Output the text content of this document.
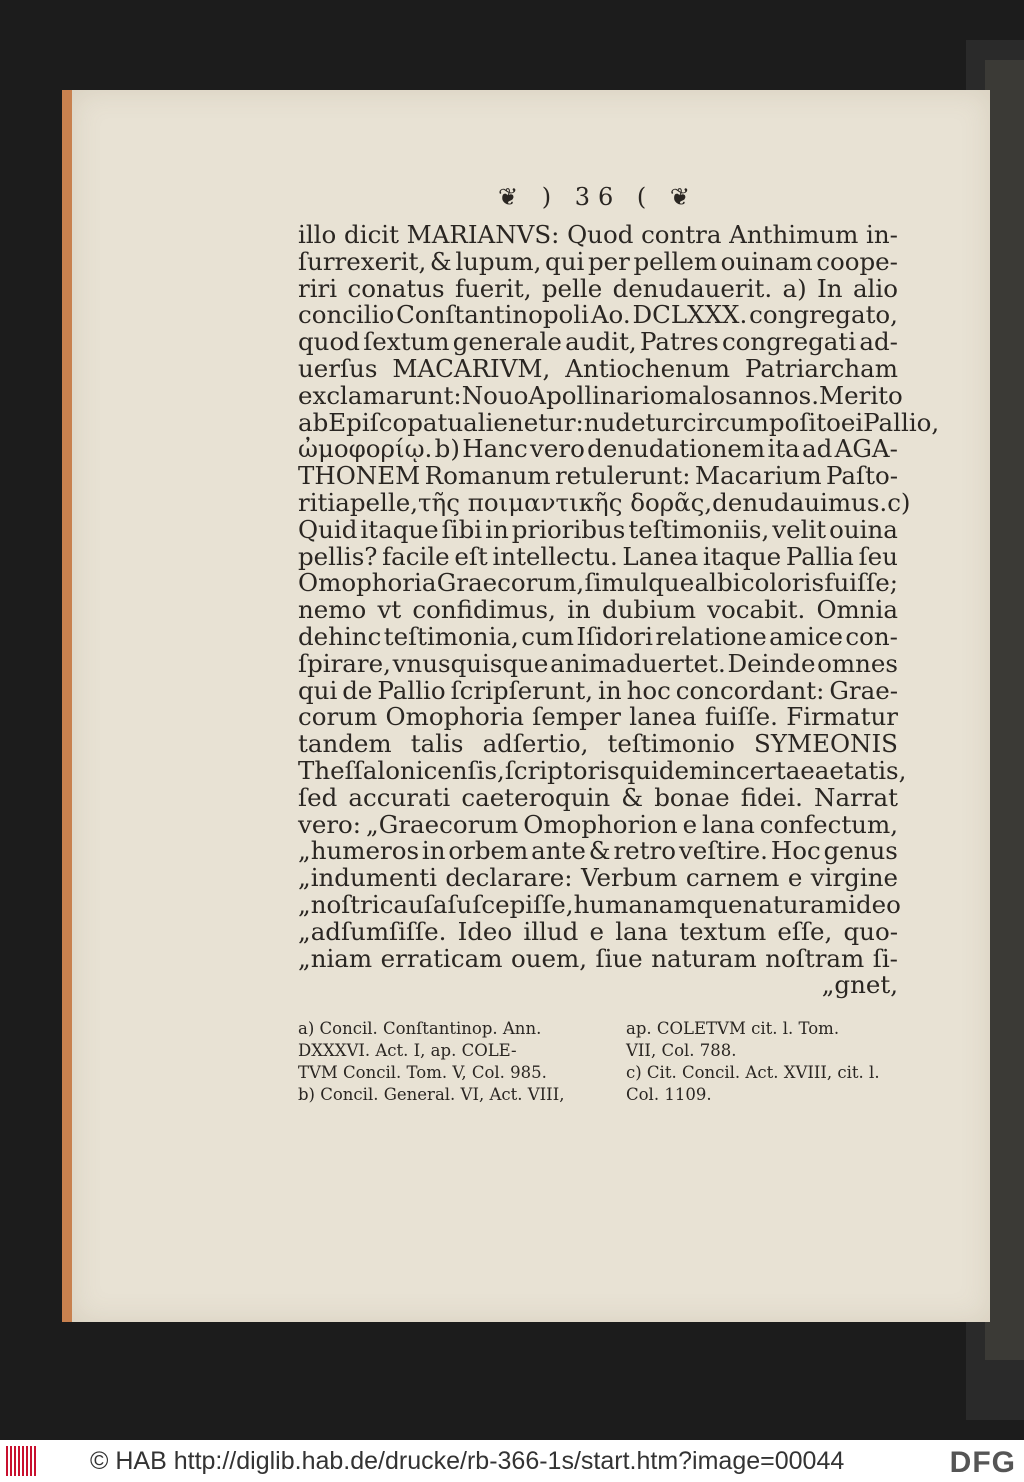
❦ ) 36 ( ❦
illo dicit MARIANVS: Quod contra Anthimum in-
ſurrexerit, & lupum, qui per pellem ouinam coope-
riri conatus fuerit, pelle denudauerit. a) In alio
concilio Conſtantinopoli Ao. DCLXXX. congregato,
quod ſextum generale audit, Patres congregati ad-
uerſus MACARIVM, Antiochenum Patriarcham
exclamarunt: Nouo Apollinario malos annos. Merito
ab Epiſcopatu alienetur: nudetur circumpoſito ei Pallio,
ὠμοφορίῳ. b) Hanc vero denudationem ita ad AGA-
THONEM Romanum retulerunt: Macarium Paſto-
ritia pelle, τῆς ποιμαντικῆς δορᾶς, denudauimus. c)
Quid itaque ſibi in prioribus teſtimoniis, velit ouina
pellis? facile eſt intellectu. Lanea itaque Pallia ſeu
Omophoria Graecorum, ſimulque albi coloris fuiſſe;
nemo vt confidimus, in dubium vocabit. Omnia
dehinc teſtimonia, cum Iſidori relatione amice con-
ſpirare, vnusquisque animaduertet. Deinde omnes
qui de Pallio ſcripſerunt, in hoc concordant: Grae-
corum Omophoria ſemper lanea fuiſſe. Firmatur
tandem talis adſertio, teſtimonio SYMEONIS
Theſſalonicenſis, ſcriptoris quidem incertae aetatis,
ſed accurati caeteroquin & bonae fidei. Narrat
vero: „Graecorum Omophorion e lana confectum,
„humeros in orbem ante & retro veſtire. Hoc genus
„indumenti declarare: Verbum carnem e virgine
„noſtri cauſa ſuſcepiſſe, humanamque naturam ideo
„adſumſiſſe. Ideo illud e lana textum eſſe, quo-
„niam erraticam ouem, ſiue naturam noſtram ſi-
„gnet,
a) Concil. Conſtantinop. Ann.
DXXXVI. Act. I, ap. COLE-
TVM Concil. Tom. V, Col. 985.
b) Concil. General. VI, Act. VIII,
ap. COLETVM cit. l. Tom.
VII, Col. 788.
c) Cit. Concil. Act. XVIII, cit. l.
Col. 1109.
© HAB http://diglib.hab.de/drucke/rb-366-1s/start.htm?image=00044	DFG
